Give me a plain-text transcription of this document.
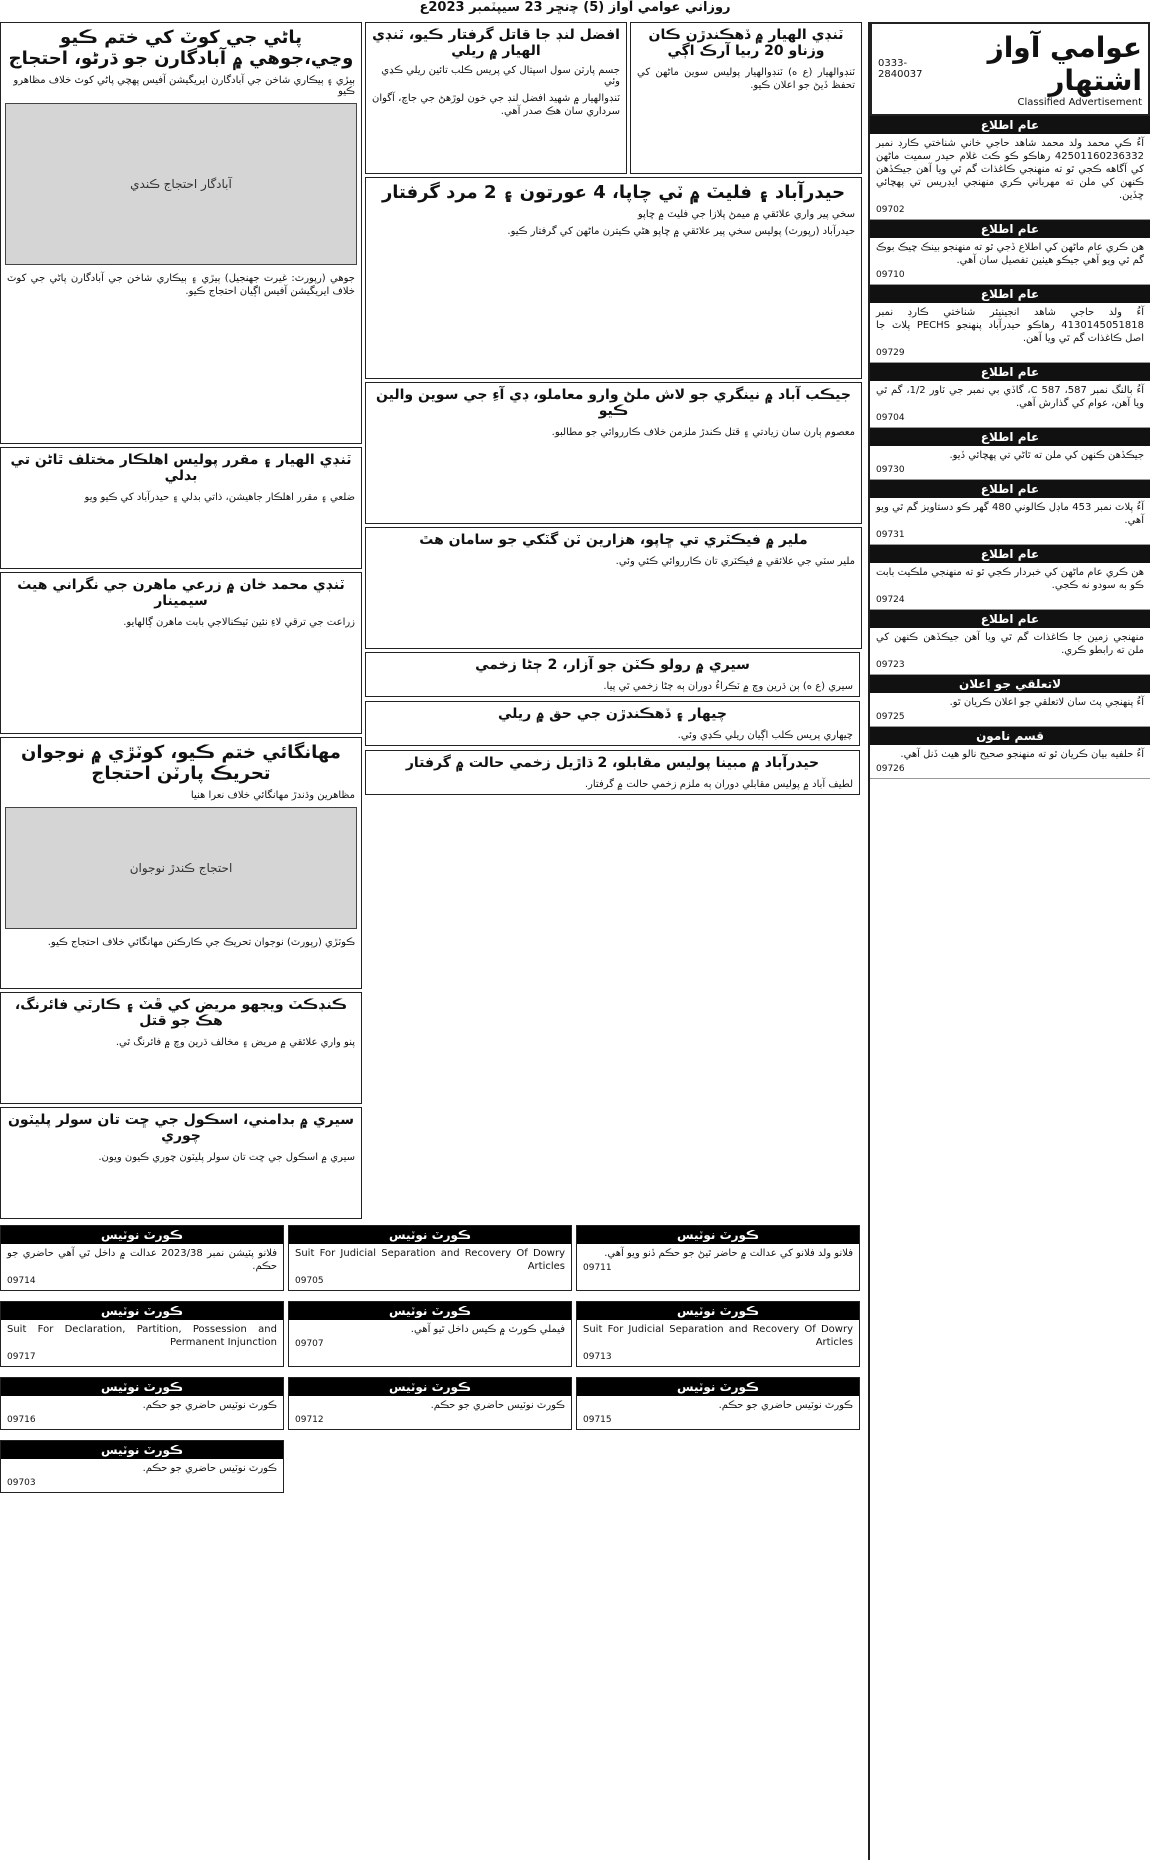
روزاني عوامي آواز (5) ﭼنڇر 23 سيپٽمبر 2023ع
0333-2840037
عوامي آواز اشتهار
Classified Advertisement
عام اطلاع
آءُ ڪي محمد ولد محمد شاهد حاجي خاني شناختي ڪارڊ نمبر 42501160236332 رهاڪو ڪو ڪٺ غلام حيدر سميت ماڻهن کي آگاهه ڪجي ٿو ته منهنجي ڪاغذات گم ٿي ويا آهن جيڪڏهن ڪنهن کي ملن ته مهرباني ڪري منهنجي ايڊريس تي پهچائي ڇڏين.
09702
عام اطلاع
هن ڪري عام ماڻهن کي اطلاع ڏجي ٿو ته منهنجو بينڪ چيڪ بوڪ گم ٿي ويو آهي جيڪو هيٺين تفصيل سان آهي.
09710
عام اطلاع
آءُ ولد حاجي شاهد انجينيئر شناختي ڪارڊ نمبر 4130145051818 رهاڪو حيدرآباد پنهنجو PECHS پلاٽ جا اصل ڪاغذات گم ٿي ويا آهن.
09729
عام اطلاع
آءُ بالنگ نمبر 587، 587 C، گاڏي بي نمبر جي ٽاور 1/2، گم ٿي ويا آهن، عوام کي گذارش آهي.
09704
عام اطلاع
جيڪڏهن ڪنهن کي ملن ته ٿاڻي تي پهچائي ڏيو.
09730
عام اطلاع
آءُ پلاٽ نمبر 453 ماڊل ڪالوني 480 گهر ڪو دستاويز گم ٿي ويو آهي.
09731
عام اطلاع
هن ڪري عام ماڻهن کي خبردار ڪجي ٿو ته منهنجي ملڪيت بابت ڪو به سودو نه ڪجي.
09724
عام اطلاع
منهنجي زمين جا ڪاغذات گم ٿي ويا آهن جيڪڏهن ڪنهن کي ملن ته رابطو ڪري.
09723
لاتعلقي جو اعلان
آءُ پنهنجي پٽ سان لاتعلقي جو اعلان ڪريان ٿو.
09725
قسم نامون
آءُ حلفيه بيان ڪريان ٿو ته منهنجو صحيح نالو هيٺ ڏنل آهي.
09726
پاڻي جي کوٽ کي ختم ڪيو وڃي،جوهي ۾ آبادگارن جو ڌرڻو، احتجاج
ٻيڙي ۽ ٻيڪاري شاخن جي آبادگارن ايريگيشن آفيس پهچي پاڻي کوٽ خلاف مظاهرو ڪيو
آبادگار احتجاج ڪندي
جوهي (رپورٽ: غيرت جهنجيل) ٻيڙي ۽ ٻيڪاري شاخن جي آبادگارن پاڻي جي کوٽ خلاف ايريگيشن آفيس اڳيان احتجاج ڪيو.
افضل لنڊ جا قاتل گرفتار ڪيو، ٽنڊي الهيار ۾ ريلي
جسم پارٽن سول اسپتال کي پريس ڪلب تائين ريلي ڪڍي وئي
ٽنڊوالهيار ۾ شهيد افضل لنڊ جي خون لوڙهڻ جي جاچ، آگوان سرداري سان هڪ صدر آهي.
ٽنڊي الهيار ۾ ڏهڪندڙن ڪان وزناو 20 ربيا آرڪ اڳي
ٽنڊوالهيار (ع ه) ٽنڊوالهيار پوليس سوين ماڻهن کي تحفظ ڏيڻ جو اعلان ڪيو.
حيدرآباد ۽ فليٽ ۾ ٽي چاپا، 4 عورتون ۽ 2 مرد گرفتار
سخي پير واري علائقي ۾ ميمڻ پلازا جي فليٽ ۾ ڇاپو
حيدرآباد (رپورٽ) پوليس سخي پير علائقي ۾ ڇاپو هڻي ڪيترن ماڻهن کي گرفتار ڪيو.
ٽنڊي الهيار ۽ مقرر پوليس اهلڪار مختلف ٿاڻن تي بدلي
ضلعي ۽ مقرر اهلڪار جاهيشن، ذاتي بدلي ۽ حيدرآباد کي ڪيو ويو
ٽنڊي محمد خان ۾ زرعي ماهرن جي نگراني هيٺ سيمينار
زراعت جي ترقي لاءِ نئين ٽيڪنالاجي بابت ماهرن ڳالهايو.
جيڪب آباد ۾ نينگري جو لاش ملڻ وارو معاملو، ڊي آءِ جي سوين والين ڪيو
معصوم ٻارن سان زيادتي ۽ قتل ڪندڙ ملزمن خلاف ڪارروائي جو مطالبو.
ملير ۾ فيڪٽري تي ڇاپو، هزارين ٽن گٽکي جو سامان هٿ
ملير سٽي جي علائقي ۾ فيڪٽري تان ڪارروائي ڪئي وئي.
سيري ۾ رولو ڪٽن جو آزار، 2 ڄڻا زخمي
سيري (ع ه) ٻن ڌرين وچ ۾ ٽڪراءُ دوران ٻه ڄڻا زخمي ٿي پيا.
چيهار ۽ ڏهڪندڙن جي حق ۾ ريلي
چيهاري پريس ڪلب اڳيان ريلي ڪڍي وئي.
حيدرآباد ۾ مبينا پوليس مقابلو، 2 ڌاڙيل زخمي حالت ۾ گرفتار
لطيف آباد ۾ پوليس مقابلي دوران ٻه ملزم زخمي حالت ۾ گرفتار.
مهانگائي ختم ڪيو، کوٽڙي ۾ نوجوان تحريڪ پارٽن احتجاج
مظاهرين وڌندڙ مهانگائي خلاف نعرا هنيا
احتجاج ڪندڙ نوجوان
ڪوٽڙي (رپورٽ) نوجوان تحريڪ جي ڪارڪنن مهانگائي خلاف احتجاج ڪيو.
ڪنڊڪٽ ويجهو مريض کي ڦٽ ۽ ڪارٽي فائرنگ، هڪ جو قتل
پنو واري علائقي ۾ مريض ۽ مخالف ڌرين وچ ۾ فائرنگ ٿي.
سيري ۾ بدامني، اسڪول جي ڇت تان سولر پليٽون چوري
سيري ۾ اسڪول جي ڇت تان سولر پليٽون چوري ڪيون ويون.
ڪورٽ نوٽيس
فلانو پٽيشن نمبر 2023/38 عدالت ۾ داخل ٿي آهي حاضري جو حڪم.
09714
ڪورٽ نوٽيس
Suit For Judicial Separation and Recovery Of Dowry Articles
09705
ڪورٽ نوٽيس
فلانو ولد فلانو کي عدالت ۾ حاضر ٿيڻ جو حڪم ڏنو ويو آهي.
09711
ڪورٽ نوٽيس
Suit For Declaration, Partition, Possession and Permanent Injunction
09717
ڪورٽ نوٽيس
فيملي ڪورٽ ۾ ڪيس داخل ٿيو آهي.
09707
ڪورٽ نوٽيس
Suit For Judicial Separation and Recovery Of Dowry Articles
09713
ڪورٽ نوٽيس
ڪورٽ نوٽيس حاضري جو حڪم.
09716
ڪورٽ نوٽيس
ڪورٽ نوٽيس حاضري جو حڪم.
09712
ڪورٽ نوٽيس
ڪورٽ نوٽيس حاضري جو حڪم.
09715
ڪورٽ نوٽيس
ڪورٽ نوٽيس حاضري جو حڪم.
09703
